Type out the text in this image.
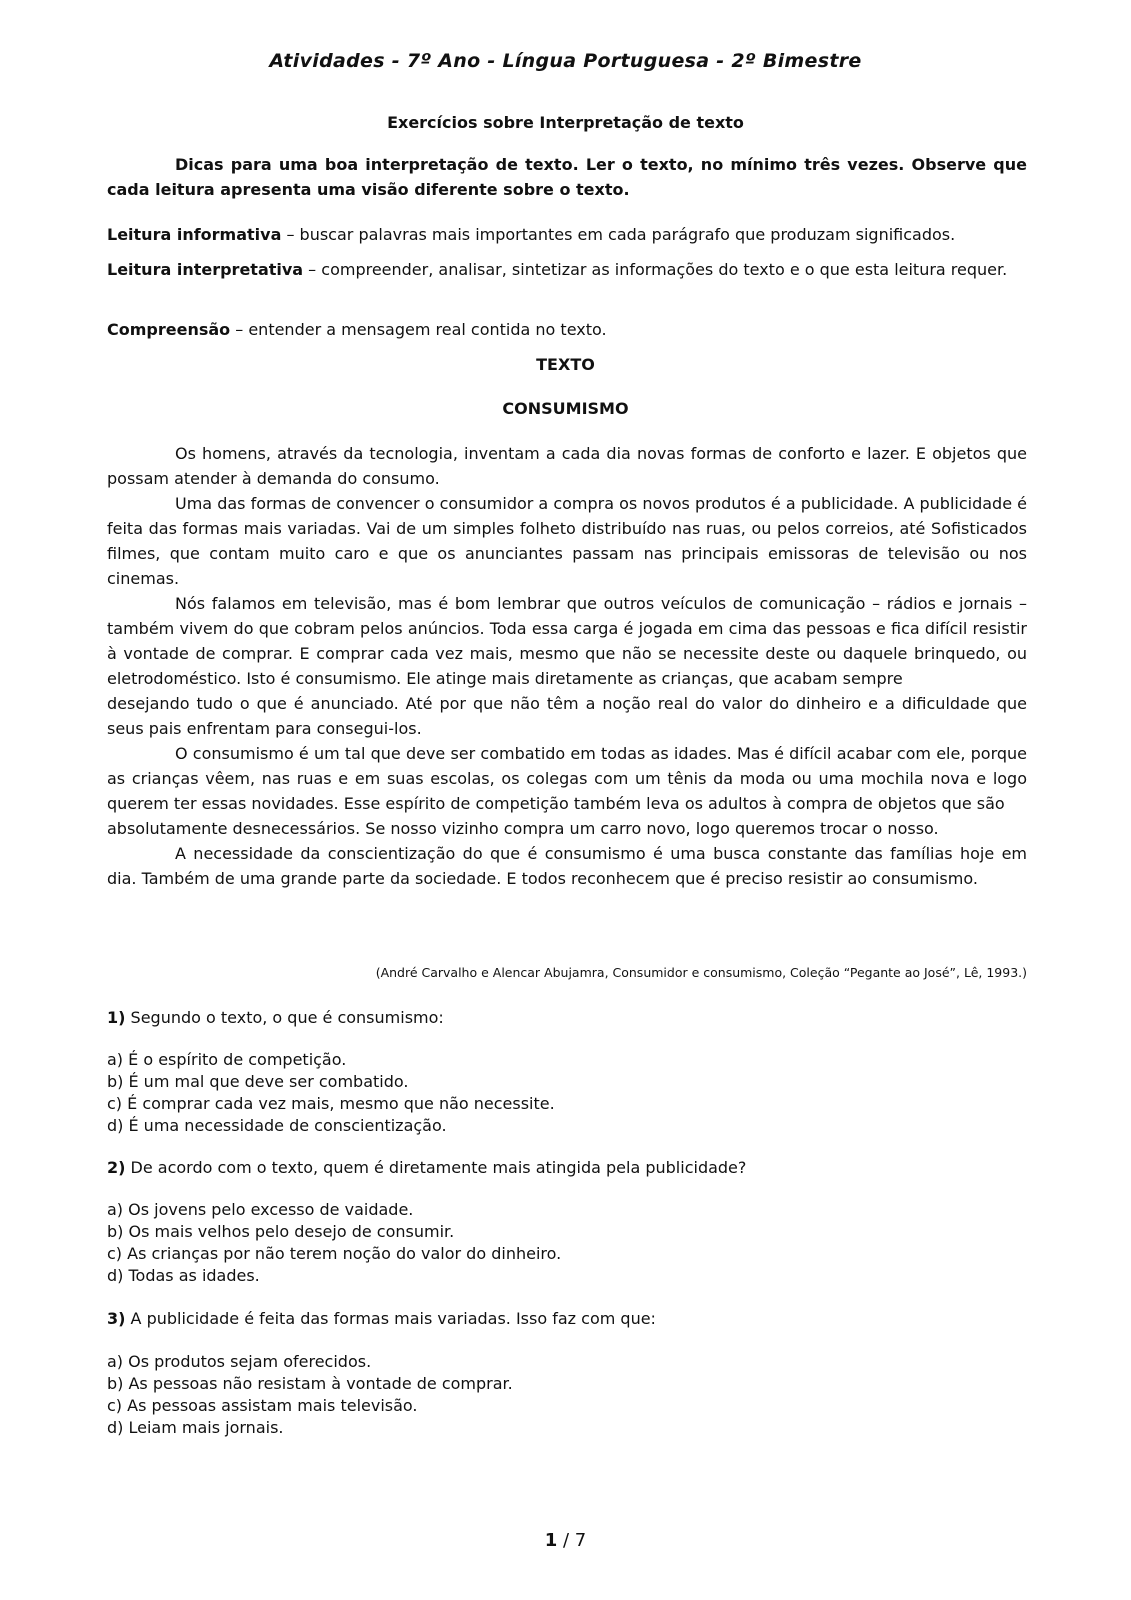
Atividades - 7º Ano - Língua Portuguesa - 2º Bimestre
Exercícios sobre Interpretação de texto

Dicas para uma boa interpretação de texto. Ler o texto, no mínimo três vezes. Observe que cada leitura apresenta uma visão diferente sobre o texto.

Leitura informativa – buscar palavras mais importantes em cada parágrafo que produzam significados.

Leitura interpretativa – compreender, analisar, sintetizar as informações do texto e o que esta leitura requer.

Compreensão – entender a mensagem real contida no texto.

TEXTO
CONSUMISMO

Os homens, através da tecnologia, inventam a cada dia novas formas de conforto e lazer. E objetos que possam atender à demanda do consumo.

Uma das formas de convencer o consumidor a compra os novos produtos é a publicidade. A publicidade é feita das formas mais variadas. Vai de um simples folheto distribuído nas ruas, ou pelos correios, até Sofisticados filmes, que contam muito caro e que os anunciantes passam nas principais emissoras de televisão ou nos cinemas.

Nós falamos em televisão, mas é bom lembrar que outros veículos de comunicação – rádios e jornais – também vivem do que cobram pelos anúncios. Toda essa carga é jogada em cima das pessoas e fica difícil resistir à vontade de comprar. E comprar cada vez mais, mesmo que não se necessite deste ou daquele brinquedo, ou eletrodoméstico. Isto é consumismo. Ele atinge mais diretamente as crianças, que acabam sempre

desejando tudo o que é anunciado. Até por que não têm a noção real do valor do dinheiro e a dificuldade que seus pais enfrentam para consegui-los.

O consumismo é um tal que deve ser combatido em todas as idades. Mas é difícil acabar com ele, porque as crianças vêem, nas ruas e em suas escolas, os colegas com um tênis da moda ou uma mochila nova e logo querem ter essas novidades. Esse espírito de competição também leva os adultos à compra de objetos que são

absolutamente desnecessários. Se nosso vizinho compra um carro novo, logo queremos trocar o nosso.

A necessidade da conscientização do que é consumismo é uma busca constante das famílias hoje em dia. Também de uma grande parte da sociedade. E todos reconhecem que é preciso resistir ao consumismo.

(André Carvalho e Alencar Abujamra, Consumidor e consumismo, Coleção “Pegante ao José”, Lê, 1993.)

1) Segundo o texto, o que é consumismo:

a) É o espírito de competição.
b) É um mal que deve ser combatido.
c) É comprar cada vez mais, mesmo que não necessite.
d) É uma necessidade de conscientização.

2) De acordo com o texto, quem é diretamente mais atingida pela publicidade?

a) Os jovens pelo excesso de vaidade.
b) Os mais velhos pelo desejo de consumir.
c) As crianças por não terem noção do valor do dinheiro.
d) Todas as idades.

3) A publicidade é feita das formas mais variadas. Isso faz com que:

a) Os produtos sejam oferecidos.
b) As pessoas não resistam à vontade de comprar.
c) As pessoas assistam mais televisão.
d) Leiam mais jornais.
1 / 7
